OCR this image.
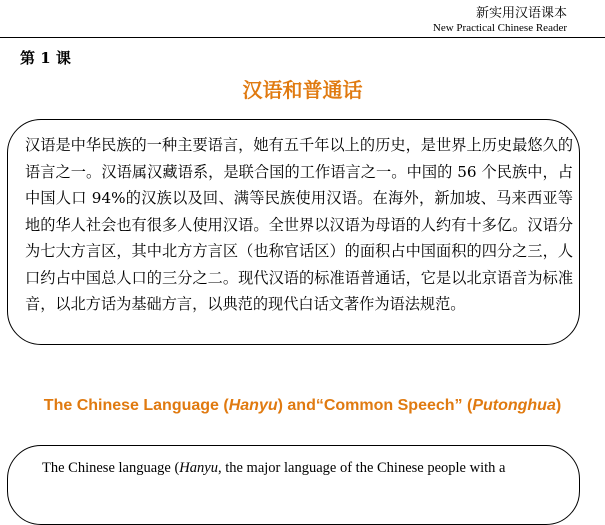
新实用汉语课本
New Practical Chinese Reader
第 1 课
汉语和普通话

汉语是中华民族的一种主要语言，她有五千年以上的历史，是世界上历史最悠久的语言之一。汉语属汉藏语系，是联合国的工作语言之一。中国的 56 个民族中，占中国人口 94%的汉族以及回、满等民族使用汉语。在海外，新加坡、马来西亚等地的华人社会也有很多人使用汉语。全世界以汉语为母语的人约有十多亿。汉语分为七大方言区，其中北方方言区（也称官话区）的面积占中国面积的四分之三，人口约占中国总人口的三分之二。现代汉语的标准语普通话，它是以北京语音为标准音，以北方话为基础方言，以典范的现代白话文著作为语法规范。

The Chinese Language (Hanyu) and“Common Speech” (Putonghua)

The Chinese language (Hanyu, the major language of the Chinese people with a
